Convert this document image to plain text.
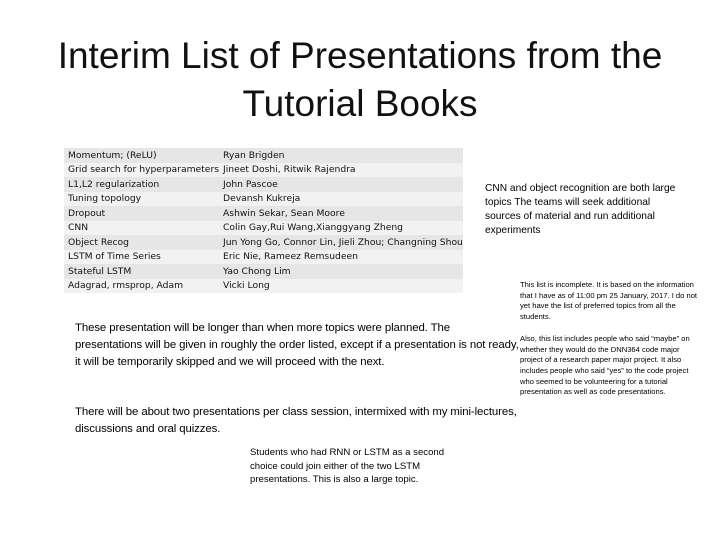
Interim List of Presentations from the Tutorial Books
Momentum; (ReLU)	Ryan Brigden
Grid search for hyperparameters	Jineet Doshi, Ritwik Rajendra
L1,L2 regularization	John Pascoe
Tuning topology	Devansh Kukreja
Dropout	Ashwin Sekar, Sean Moore
CNN	Colin Gay,Rui Wang,Xianggyang Zheng
Object Recog	Jun Yong Go, Connor Lin, Jieli Zhou; Changning Shou
LSTM of Time Series	Eric Nie, Rameez Remsudeen
Stateful LSTM	Yao Chong Lim
Adagrad, rmsprop, Adam	Vicki Long

CNN and object recognition are both large topics The teams will seek additional sources of material and run additional experiments

These presentation will be longer than when more topics were planned. The presentations will be given in roughly the order listed, except if a presentation is not ready, it will be temporarily skipped and we will proceed with the next.

There will be about two presentations per class session, intermixed with my mini-lectures, discussions and oral quizzes.

Students who had RNN or LSTM as a second choice could join either of the two LSTM presentations. This is also a large topic.

This list is incomplete. It is based on the information that I have as of 11:00 pm 25 January, 2017. I do not yet have the list of preferred topics from all the students.

Also, this list includes people who said “maybe” on whether they would do the DNN364 code major project of a research paper major project. It also includes people who said “yes” to the code project who seemed to be volunteering for a tutorial presentation as well as code presentations.
